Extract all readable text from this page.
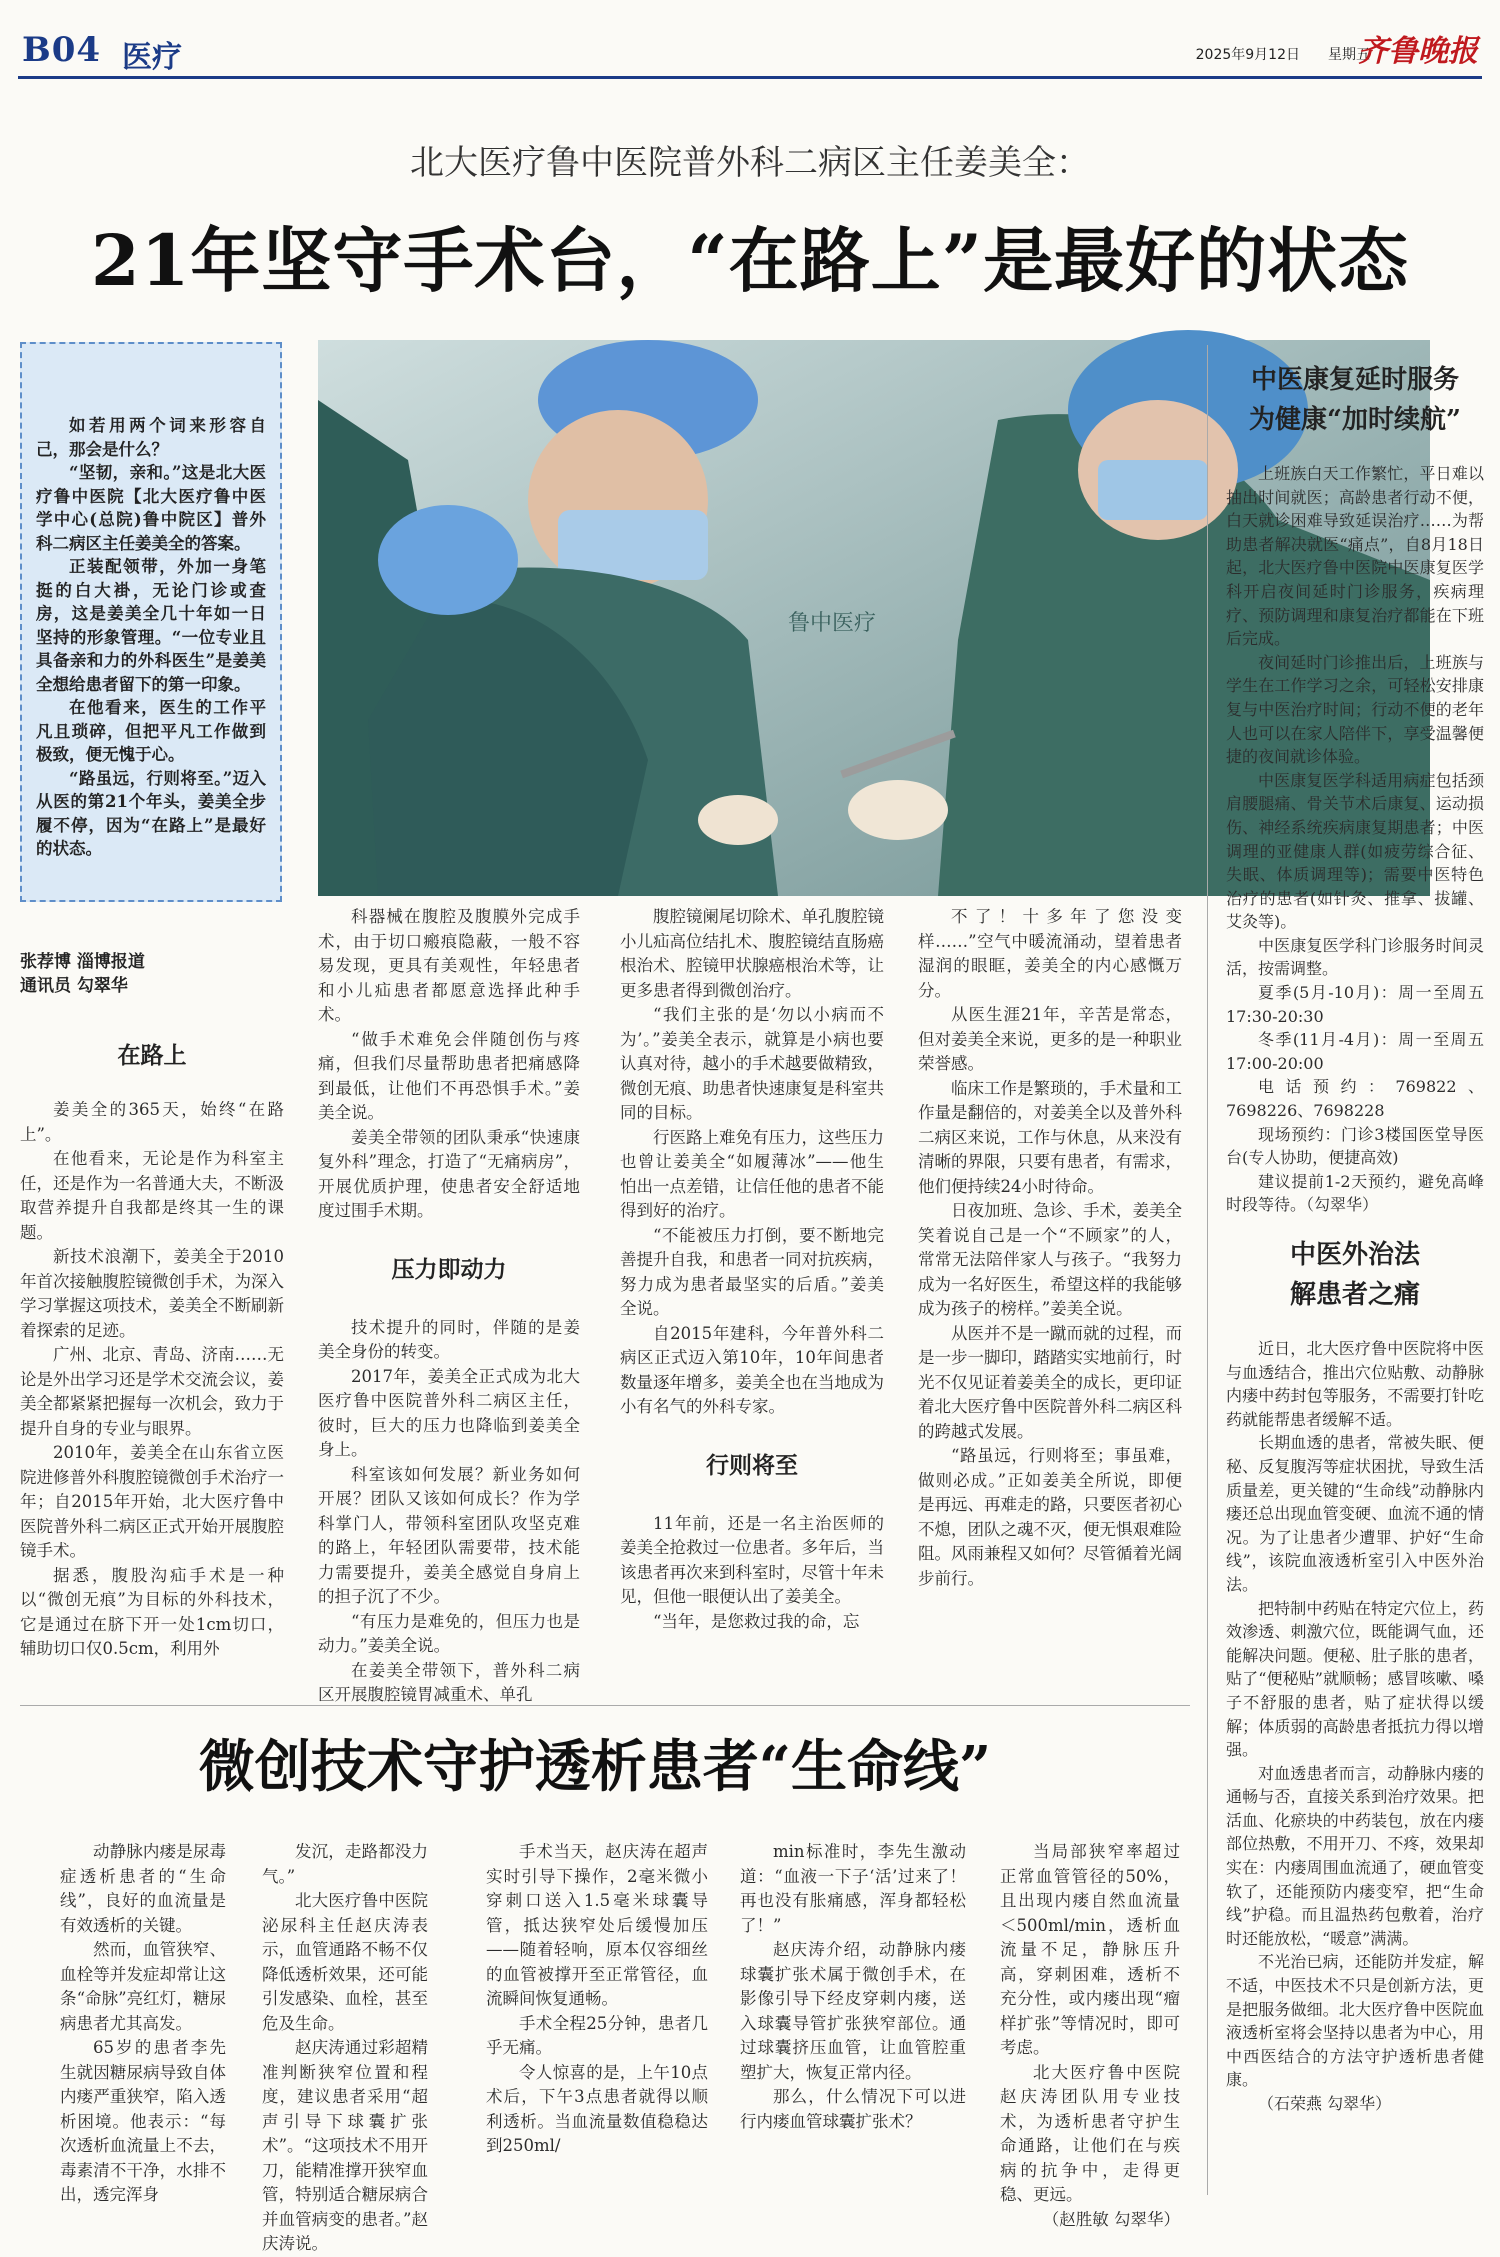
B04 医疗	2025年9月12日 星期五
齐鲁晚报
北大医疗鲁中医院普外科二病区主任姜美全：
21年坚守手术台，“在路上”是最好的状态

如若用两个词来形容自己，那会是什么？

“坚韧，亲和。”这是北大医疗鲁中医院【北大医疗鲁中医学中心(总院)鲁中院区】普外科二病区主任姜美全的答案。

正装配领带，外加一身笔挺的白大褂，无论门诊或查房，这是姜美全几十年如一日坚持的形象管理。“一位专业且具备亲和力的外科医生”是姜美全想给患者留下的第一印象。

在他看来，医生的工作平凡且琐碎，但把平凡工作做到极致，便无愧于心。

“路虽远，行则将至。”迈入从医的第21个年头，姜美全步履不停，因为“在路上”是最好的状态。

鲁中医疗
张荐博 淄博报道
通讯员 勾翠华
在路上

姜美全的365天，始终“在路上”。

在他看来，无论是作为科室主任，还是作为一名普通大夫，不断汲取营养提升自我都是终其一生的课题。

新技术浪潮下，姜美全于2010年首次接触腹腔镜微创手术，为深入学习掌握这项技术，姜美全不断刷新着探索的足迹。

广州、北京、青岛、济南……无论是外出学习还是学术交流会议，姜美全都紧紧把握每一次机会，致力于提升自身的专业与眼界。

2010年，姜美全在山东省立医院进修普外科腹腔镜微创手术治疗一年；自2015年开始，北大医疗鲁中医院普外科二病区正式开始开展腹腔镜手术。

据悉，腹股沟疝手术是一种以“微创无痕”为目标的外科技术，它是通过在脐下开一处1cm切口，辅助切口仅0.5cm，利用外

科器械在腹腔及腹膜外完成手术，由于切口瘢痕隐蔽，一般不容易发现，更具有美观性，年轻患者和小儿疝患者都愿意选择此种手术。

“做手术难免会伴随创伤与疼痛，但我们尽量帮助患者把痛感降到最低，让他们不再恐惧手术。”姜美全说。

姜美全带领的团队秉承“快速康复外科”理念，打造了“无痛病房”，开展优质护理，使患者安全舒适地度过围手术期。

压力即动力

技术提升的同时，伴随的是姜美全身份的转变。

2017年，姜美全正式成为北大医疗鲁中医院普外科二病区主任，彼时，巨大的压力也降临到姜美全身上。

科室该如何发展？新业务如何开展？团队又该如何成长？作为学科掌门人，带领科室团队攻坚克难的路上，年轻团队需要带，技术能力需要提升，姜美全感觉自身肩上的担子沉了不少。

“有压力是难免的，但压力也是动力。”姜美全说。

在姜美全带领下，普外科二病区开展腹腔镜胃减重术、单孔

腹腔镜阑尾切除术、单孔腹腔镜小儿疝高位结扎术、腹腔镜结直肠癌根治术、腔镜甲状腺癌根治术等，让更多患者得到微创治疗。

“我们主张的是‘勿以小病而不为’。”姜美全表示，就算是小病也要认真对待，越小的手术越要做精致，微创无痕、助患者快速康复是科室共同的目标。

行医路上难免有压力，这些压力也曾让姜美全“如履薄冰”——他生怕出一点差错，让信任他的患者不能得到好的治疗。

“不能被压力打倒，要不断地完善提升自我，和患者一同对抗疾病，努力成为患者最坚实的后盾。”姜美全说。

自2015年建科，今年普外科二病区正式迈入第10年，10年间患者数量逐年增多，姜美全也在当地成为小有名气的外科专家。

行则将至

11年前，还是一名主治医师的姜美全抢救过一位患者。多年后，当该患者再次来到科室时，尽管十年未见，但他一眼便认出了姜美全。

“当年，是您救过我的命，忘

不了！十多年了您没变样……”空气中暖流涌动，望着患者湿润的眼眶，姜美全的内心感慨万分。

从医生涯21年，辛苦是常态，但对姜美全来说，更多的是一种职业荣誉感。

临床工作是繁琐的，手术量和工作量是翻倍的，对姜美全以及普外科二病区来说，工作与休息，从来没有清晰的界限，只要有患者，有需求，他们便持续24小时待命。

日夜加班、急诊、手术，姜美全笑着说自己是一个“不顾家”的人，常常无法陪伴家人与孩子。“我努力成为一名好医生，希望这样的我能够成为孩子的榜样。”姜美全说。

从医并不是一蹴而就的过程，而是一步一脚印，踏踏实实地前行，时光不仅见证着姜美全的成长，更印证着北大医疗鲁中医院普外科二病区科的跨越式发展。

“路虽远，行则将至；事虽难，做则必成。”正如姜美全所说，即便是再远、再难走的路，只要医者初心不熄，团队之魂不灭，便无惧艰难险阻。风雨兼程又如何？尽管循着光阔步前行。

中医康复延时服务
为健康“加时续航”

上班族白天工作繁忙，平日难以抽出时间就医；高龄患者行动不便，白天就诊困难导致延误治疗……为帮助患者解决就医“痛点”，自8月18日起，北大医疗鲁中医院中医康复医学科开启夜间延时门诊服务，疾病理疗、预防调理和康复治疗都能在下班后完成。

夜间延时门诊推出后，上班族与学生在工作学习之余，可轻松安排康复与中医治疗时间；行动不便的老年人也可以在家人陪伴下，享受温馨便捷的夜间就诊体验。

中医康复医学科适用病症包括颈肩腰腿痛、骨关节术后康复、运动损伤、神经系统疾病康复期患者；中医调理的亚健康人群(如疲劳综合征、失眠、体质调理等)；需要中医特色治疗的患者(如针灸、推拿、拔罐、艾灸等)。

中医康复医学科门诊服务时间灵活，按需调整。

夏季(5月-10月)：周一至周五17:30-20:30

冬季(11月-4月)：周一至周五17:00-20:00

电话预约：769822、7698226、7698228

现场预约：门诊3楼国医堂导医台(专人协助，便捷高效)

建议提前1-2天预约，避免高峰时段等待。（勾翠华）

中医外治法
解患者之痛

近日，北大医疗鲁中医院将中医与血透结合，推出穴位贴敷、动静脉内瘘中药封包等服务，不需要打针吃药就能帮患者缓解不适。

长期血透的患者，常被失眠、便秘、反复腹泻等症状困扰，导致生活质量差，更关键的“生命线”动静脉内瘘还总出现血管变硬、血流不通的情况。为了让患者少遭罪、护好“生命线”，该院血液透析室引入中医外治法。

把特制中药贴在特定穴位上，药效渗透、刺激穴位，既能调气血，还能解决问题。便秘、肚子胀的患者，贴了“便秘贴”就顺畅；感冒咳嗽、嗓子不舒服的患者，贴了症状得以缓解；体质弱的高龄患者抵抗力得以增强。

对血透患者而言，动静脉内瘘的通畅与否，直接关系到治疗效果。把活血、化瘀块的中药装包，放在内瘘部位热敷，不用开刀、不疼，效果却实在：内瘘周围血流通了，硬血管变软了，还能预防内瘘变窄，把“生命线”护稳。而且温热药包敷着，治疗时还能放松，“暖意”满满。

不光治已病，还能防并发症，解不适，中医技术不只是创新方法，更是把服务做细。北大医疗鲁中医院血液透析室将会坚持以患者为中心，用中西医结合的方法守护透析患者健康。

（石荣燕 勾翠华）

微创技术守护透析患者“生命线”

动静脉内瘘是尿毒症透析患者的“生命线”，良好的血流量是有效透析的关键。

然而，血管狭窄、血栓等并发症却常让这条“命脉”亮红灯，糖尿病患者尤其高发。

65岁的患者李先生就因糖尿病导致自体内瘘严重狭窄，陷入透析困境。他表示：“每次透析血流量上不去，毒素清不干净，水排不出，透完浑身

发沉，走路都没力气。”

北大医疗鲁中医院泌尿科主任赵庆涛表示，血管通路不畅不仅降低透析效果，还可能引发感染、血栓，甚至危及生命。

赵庆涛通过彩超精准判断狭窄位置和程度，建议患者采用“超声引导下球囊扩张术”。“这项技术不用开刀，能精准撑开狭窄血管，特别适合糖尿病合并血管病变的患者。”赵庆涛说。

手术当天，赵庆涛在超声实时引导下操作，2毫米微小穿刺口送入1.5毫米球囊导管，抵达狭窄处后缓慢加压——随着轻响，原本仅容细丝的血管被撑开至正常管径，血流瞬间恢复通畅。

手术全程25分钟，患者几乎无痛。

令人惊喜的是，上午10点术后，下午3点患者就得以顺利透析。当血流量数值稳稳达到250ml/

min标准时，李先生激动道：“血液一下子‘活’过来了！再也没有胀痛感，浑身都轻松了！”

赵庆涛介绍，动静脉内瘘球囊扩张术属于微创手术，在影像引导下经皮穿刺内瘘，送入球囊导管扩张狭窄部位。通过球囊挤压血管，让血管腔重塑扩大，恢复正常内径。

那么，什么情况下可以进行内瘘血管球囊扩张术？

当局部狭窄率超过正常血管管径的50%，且出现内瘘自然血流量＜500ml/min，透析血流量不足，静脉压升高，穿刺困难，透析不充分性，或内瘘出现“瘤样扩张”等情况时，即可考虑。

北大医疗鲁中医院赵庆涛团队用专业技术，为透析患者守护生命通路，让他们在与疾病的抗争中，走得更稳、更远。

（赵胜敏 勾翠华）
